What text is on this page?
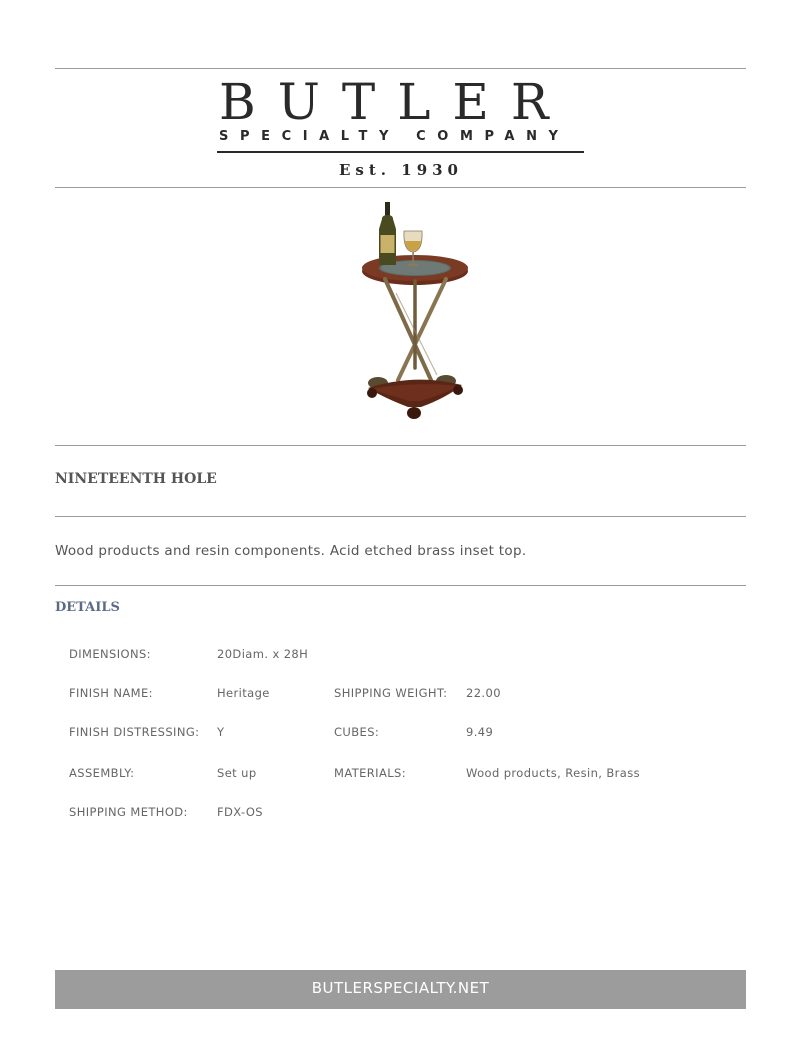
BUTLER
SPECIALTY COMPANY
Est. 1930
NINETEENTH HOLE
Wood products and resin components. Acid etched brass inset top.
DETAILS
DIMENSIONS:	20Diam. x 28H
FINISH NAME:	Heritage	SHIPPING WEIGHT: 22.00
FINISH DISTRESSING: Y	CUBES:	9.49
ASSEMBLY:	Set up	MATERIALS:	Wood products, Resin, Brass
SHIPPING METHOD:	FDX-OS
BUTLERSPECIALTY.NET
